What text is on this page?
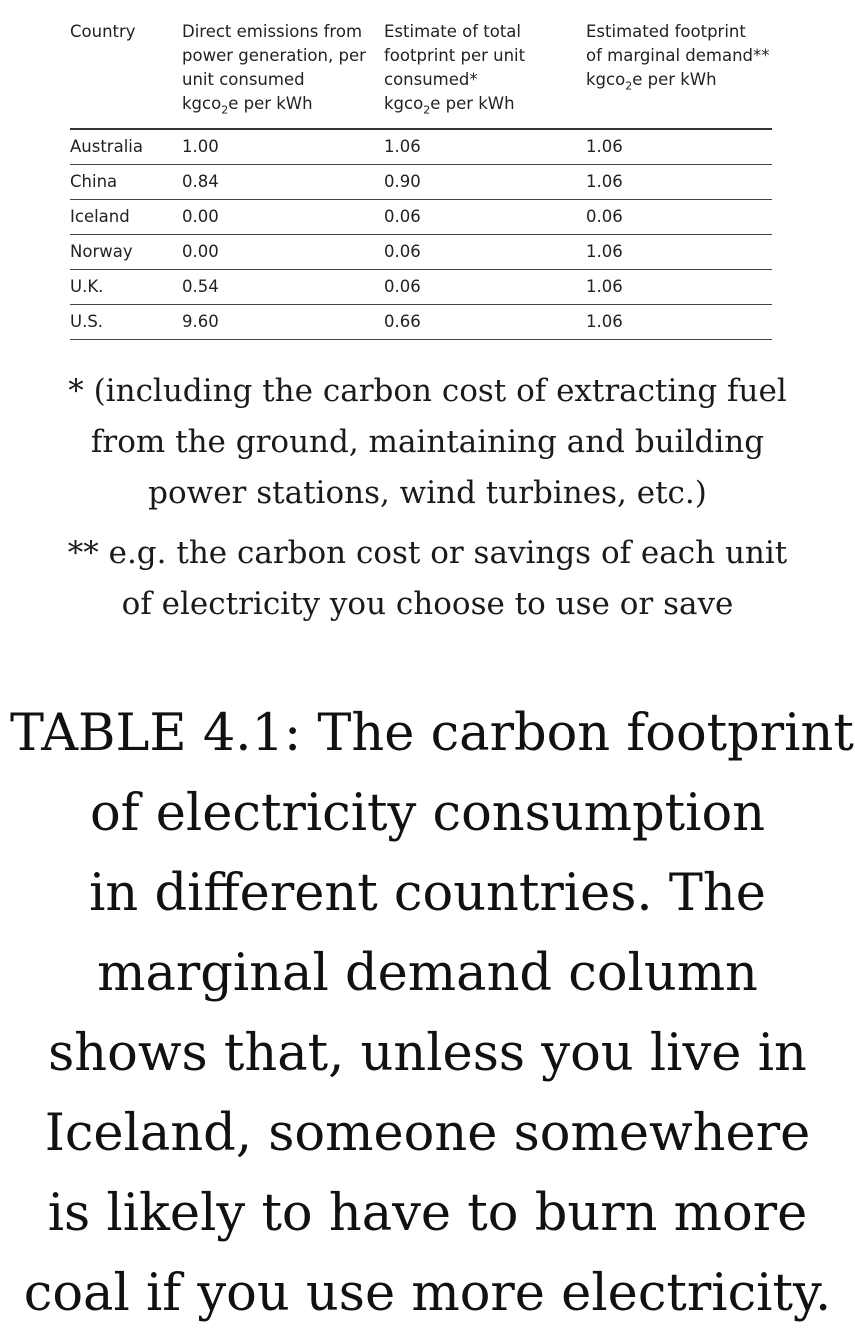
Country	Direct emissions from
power generation, per
unit consumed
kgco$_2$e per kWh	Estimate of total
footprint per unit
consumed*
kgco$_2$e per kWh	Estimated footprint
of marginal demand**
kgco$_2$e per kWh
Australia	1.00	1.06	1.06
China	0.84	0.90	1.06
Iceland	0.00	0.06	0.06
Norway	0.00	0.06	1.06
U.K.	0.54	0.06	1.06
U.S.	9.60	0.66	1.06
* (including the carbon cost of extracting fuel
from the ground, maintaining and building
power stations, wind turbines, etc.)
** e.g. the carbon cost or savings of each unit
of electricity you choose to use or save
TABLE 4.1: The carbon footprint
of electricity consumption
in different countries. The
marginal demand column
shows that, unless you live in
Iceland, someone somewhere
is likely to have to burn more
coal if you use more electricity.
